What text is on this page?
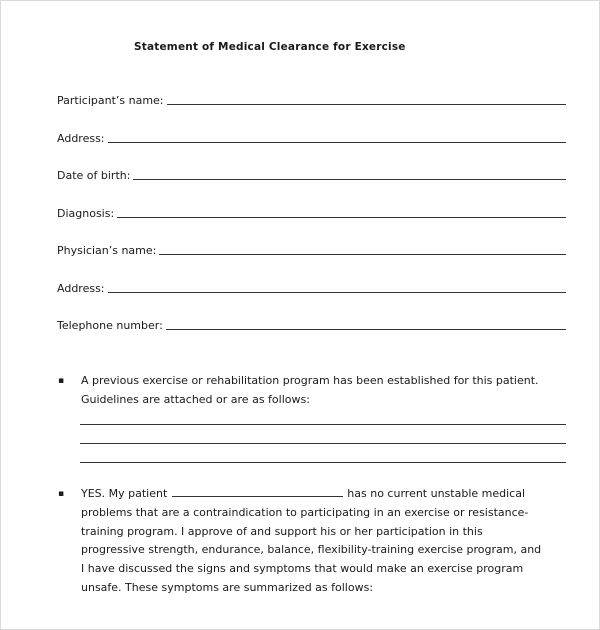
Statement of Medical Clearance for Exercise
Participant’s name:
Address:
Date of birth:
Diagnosis:
Physician’s name:
Address:
Telephone number:
▪ A previous exercise or rehabilitation program has been established for this patient.
Guidelines are attached or are as follows:
▪ YES. My patient	has no current unstable medical
problems that are a contraindication to participating in an exercise or resistance-
training program. I approve of and support his or her participation in this
progressive strength, endurance, balance, flexibility-training exercise program, and
I have discussed the signs and symptoms that would make an exercise program
unsafe. These symptoms are summarized as follows:
